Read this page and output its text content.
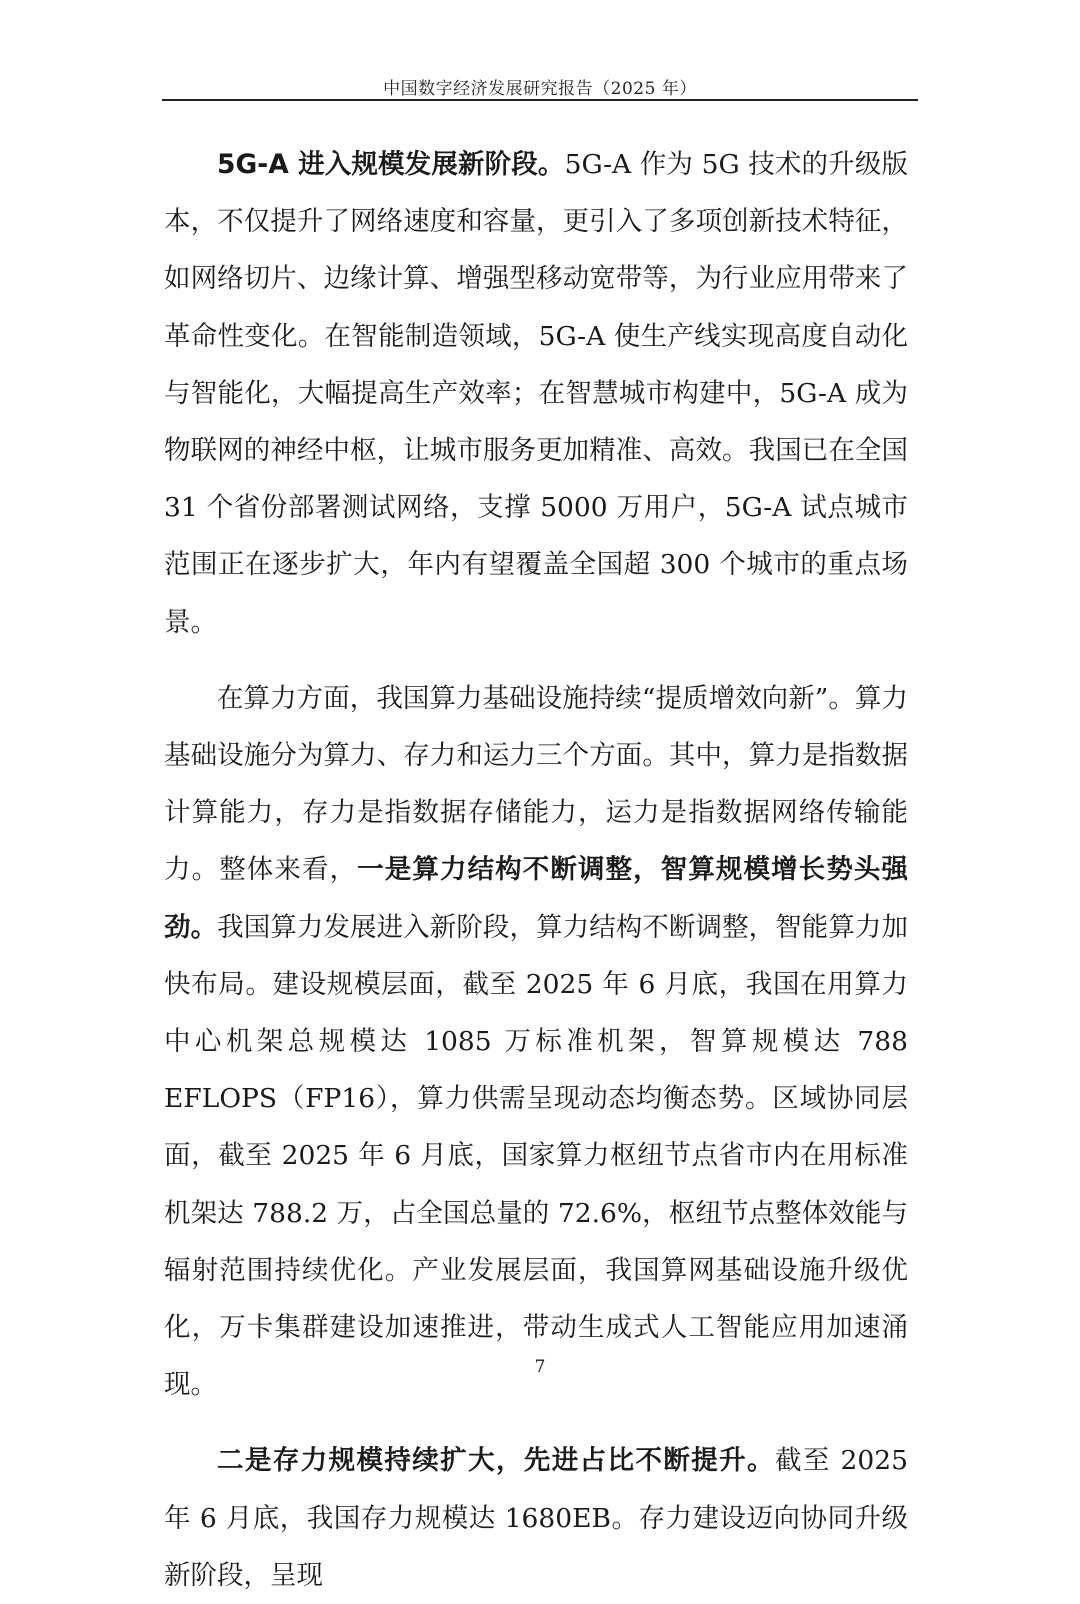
中国数字经济发展研究报告（2025 年）

5G-A 进入规模发展新阶段。5G-A 作为 5G 技术的升级版本，不仅提升了网络速度和容量，更引入了多项创新技术特征，如网络切片、边缘计算、增强型移动宽带等，为行业应用带来了革命性变化。在智能制造领域，5G-A 使生产线实现高度自动化与智能化，大幅提高生产效率；在智慧城市构建中，5G-A 成为物联网的神经中枢，让城市服务更加精准、高效。我国已在全国 31 个省份部署测试网络，支撑 5000 万用户，5G-A 试点城市范围正在逐步扩大，年内有望覆盖全国超 300 个城市的重点场景。

在算力方面，我国算力基础设施持续“提质增效向新”。算力基础设施分为算力、存力和运力三个方面。其中，算力是指数据计算能力，存力是指数据存储能力，运力是指数据网络传输能力。整体来看，一是算力结构不断调整，智算规模增长势头强劲。我国算力发展进入新阶段，算力结构不断调整，智能算力加快布局。建设规模层面，截至 2025 年 6 月底，我国在用算力中心机架总规模达 1085 万标准机架，智算规模达 788 EFLOPS（FP16），算力供需呈现动态均衡态势。区域协同层面，截至 2025 年 6 月底，国家算力枢纽节点省市内在用标准机架达 788.2 万，占全国总量的 72.6%，枢纽节点整体效能与辐射范围持续优化。产业发展层面，我国算网基础设施升级优化，万卡集群建设加速推进，带动生成式人工智能应用加速涌现。

二是存力规模持续扩大，先进占比不断提升。截至 2025 年 6 月底，我国存力规模达 1680EB。存力建设迈向协同升级新阶段，呈现

7
